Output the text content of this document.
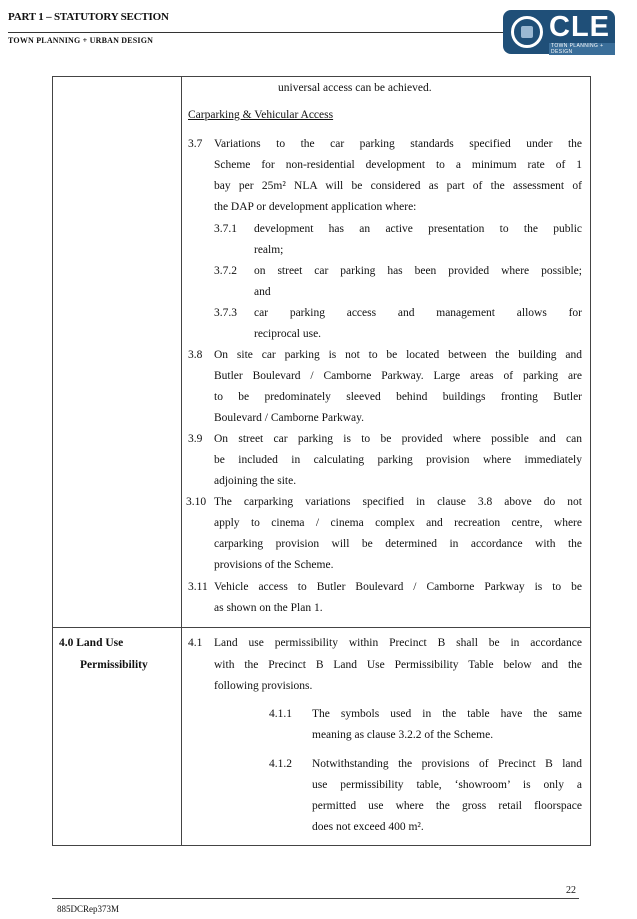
PART 1 – STATUTORY SECTION
TOWN PLANNING + URBAN DESIGN	CLE
TOWN PLANNING + DESIGN
universal access can be achieved.
Carparking & Vehicular Access
3.7 Variations to the car parking standards specified under the
Scheme for non-residential development to a minimum rate of 1
bay per 25m² NLA will be considered as part of the assessment of
the DAP or development application where:
3.7.1 development has an active presentation to the public
realm;
3.7.2 on street car parking has been provided where possible;
and
3.7.3 car parking access and management allows for
reciprocal use.
3.8 On site car parking is not to be located between the building and
Butler Boulevard / Camborne Parkway. Large areas of parking are
to be predominately sleeved behind buildings fronting Butler
Boulevard / Camborne Parkway.
3.9 On street car parking is to be provided where possible and can
be included in calculating parking provision where immediately
adjoining the site.
3.10 The carparking variations specified in clause 3.8 above do not
apply to cinema / cinema complex and recreation centre, where
carparking provision will be determined in accordance with the
provisions of the Scheme.
3.11 Vehicle access to Butler Boulevard / Camborne Parkway is to be
as shown on the Plan 1.
4.0 Land Use
Permissibility
4.1 Land use permissibility within Precinct B shall be in accordance
with the Precinct B Land Use Permissibility Table below and the
following provisions.
4.1.1 The symbols used in the table have the same
meaning as clause 3.2.2 of the Scheme.
4.1.2 Notwithstanding the provisions of Precinct B land
use permissibility table, ‘showroom’ is only a
permitted use where the gross retail floorspace
does not exceed 400 m².
22
885DCRep373M
